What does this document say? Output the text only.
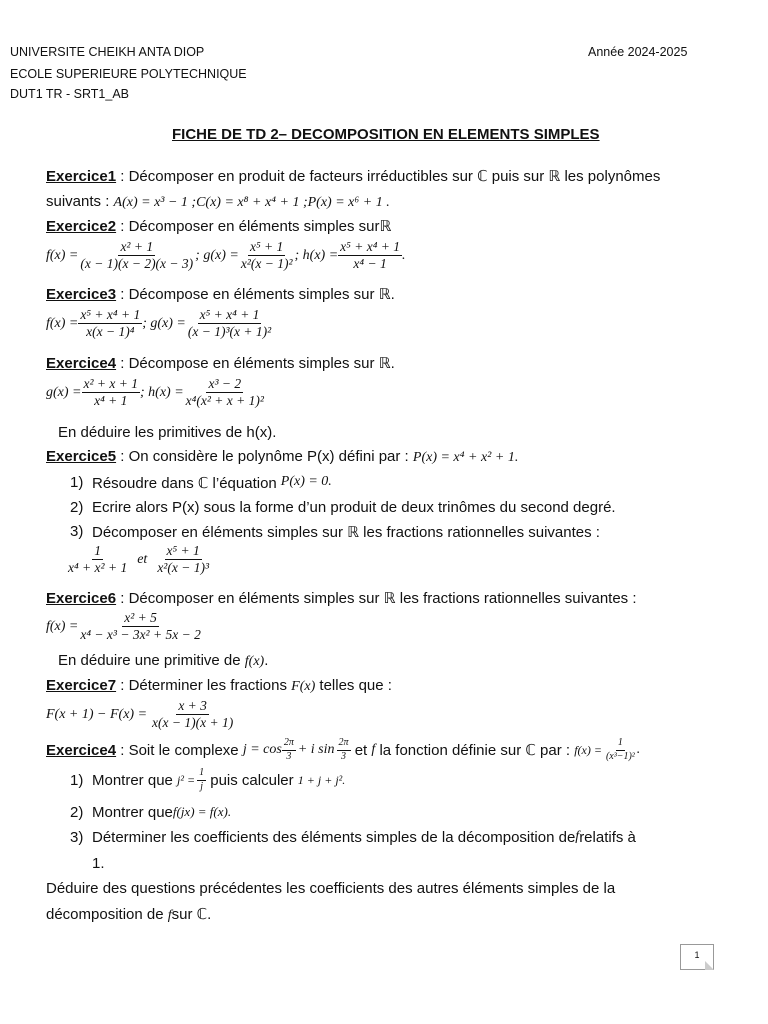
UNIVERSITE CHEIKH ANTA DIOP
ECOLE SUPERIEURE POLYTECHNIQUE
DUT1 TR - SRT1_AB
Année 2024-2025
FICHE DE TD 2– DECOMPOSITION EN ELEMENTS SIMPLES
Exercice1 : Décomposer en produit de facteurs irréductibles sur ℂ puis sur ℝ les polynômes
suivants : A(x) = x³ − 1 ;C(x) = x⁸ + x⁴ + 1 ;P(x) = x⁶ + 1 .
Exercice2 : Décomposer en éléments simples surℝ
$f(x) = \frac{\text{x² + 1}}{(x - 1)(x - 2)(x - 3)}$ ; $g(x) = \frac{\text{x⁵ + 1}}{\text{x²(x − 1)²}}$ ; $h(x) = \frac{\text{x⁵ + x⁴ + 1}}{\text{x⁴ − 1}}$ .
Exercice3 : Décompose en éléments simples sur ℝ.
$f(x) = \frac{\text{x⁵ + x⁴ + 1}}{\text{x(x − 1)⁴}}$ ; $g(x) = \frac{\text{x⁵ + x⁴ + 1}}{\text{(x − 1)³(x + 1)²}}$
Exercice4 : Décompose en éléments simples sur ℝ.
$g(x) = \frac{\text{x² + x + 1}}{\text{x⁴ + 1}}$ ; $h(x) = \frac{\text{x³ − 2}}{\text{x⁴(x² + x + 1)²}}$
En déduire les primitives de h(x).
Exercice5 : On considère le polynôme P(x) défini par : P(x) = x⁴ + x² + 1.
1) Résoudre dans ℂ l’équation P(x) = 0.
2) Ecrire alors P(x) sous la forme d’un produit de deux trinômes du second degré.
3) Décomposer en éléments simples sur ℝ les fractions rationnelles suivantes :
$\frac{1}{\text{x⁴ + x² + 1}}$ et $\frac{\text{x⁵ + 1}}{\text{x²(x − 1)³}}$
Exercice6 : Décomposer en éléments simples sur ℝ les fractions rationnelles suivantes :
$f(x) = \frac{\text{x² + 5}}{\text{x⁴ − x³ − 3x² + 5x − 2}}$
En déduire une primitive de f(x).
Exercice7 : Déterminer les fractions F(x) telles que :
$F(x + 1) - F(x) = \frac{x + 3}{x(x - 1)(x + 1)}$
Exercice4 : Soit le complexe $j = \cos \frac{2\pi}{3} + i$ $\sin \frac{2\pi}{3}$ et f la fonction définie sur ℂ par : $f(x) = \frac{1}{\text{(x³−1)²}}$ .
1) Montrer que $j^2 = \frac{1}{j}$ puis calculer 1 + j + j².
2) Montrer que f(jx) = f(x).
3) Déterminer les coefficients des éléments simples de la décomposition de f relatifs à
1.
Déduire des questions précédentes les coefficients des autres éléments simples de la
décomposition de fsur ℂ.
1
